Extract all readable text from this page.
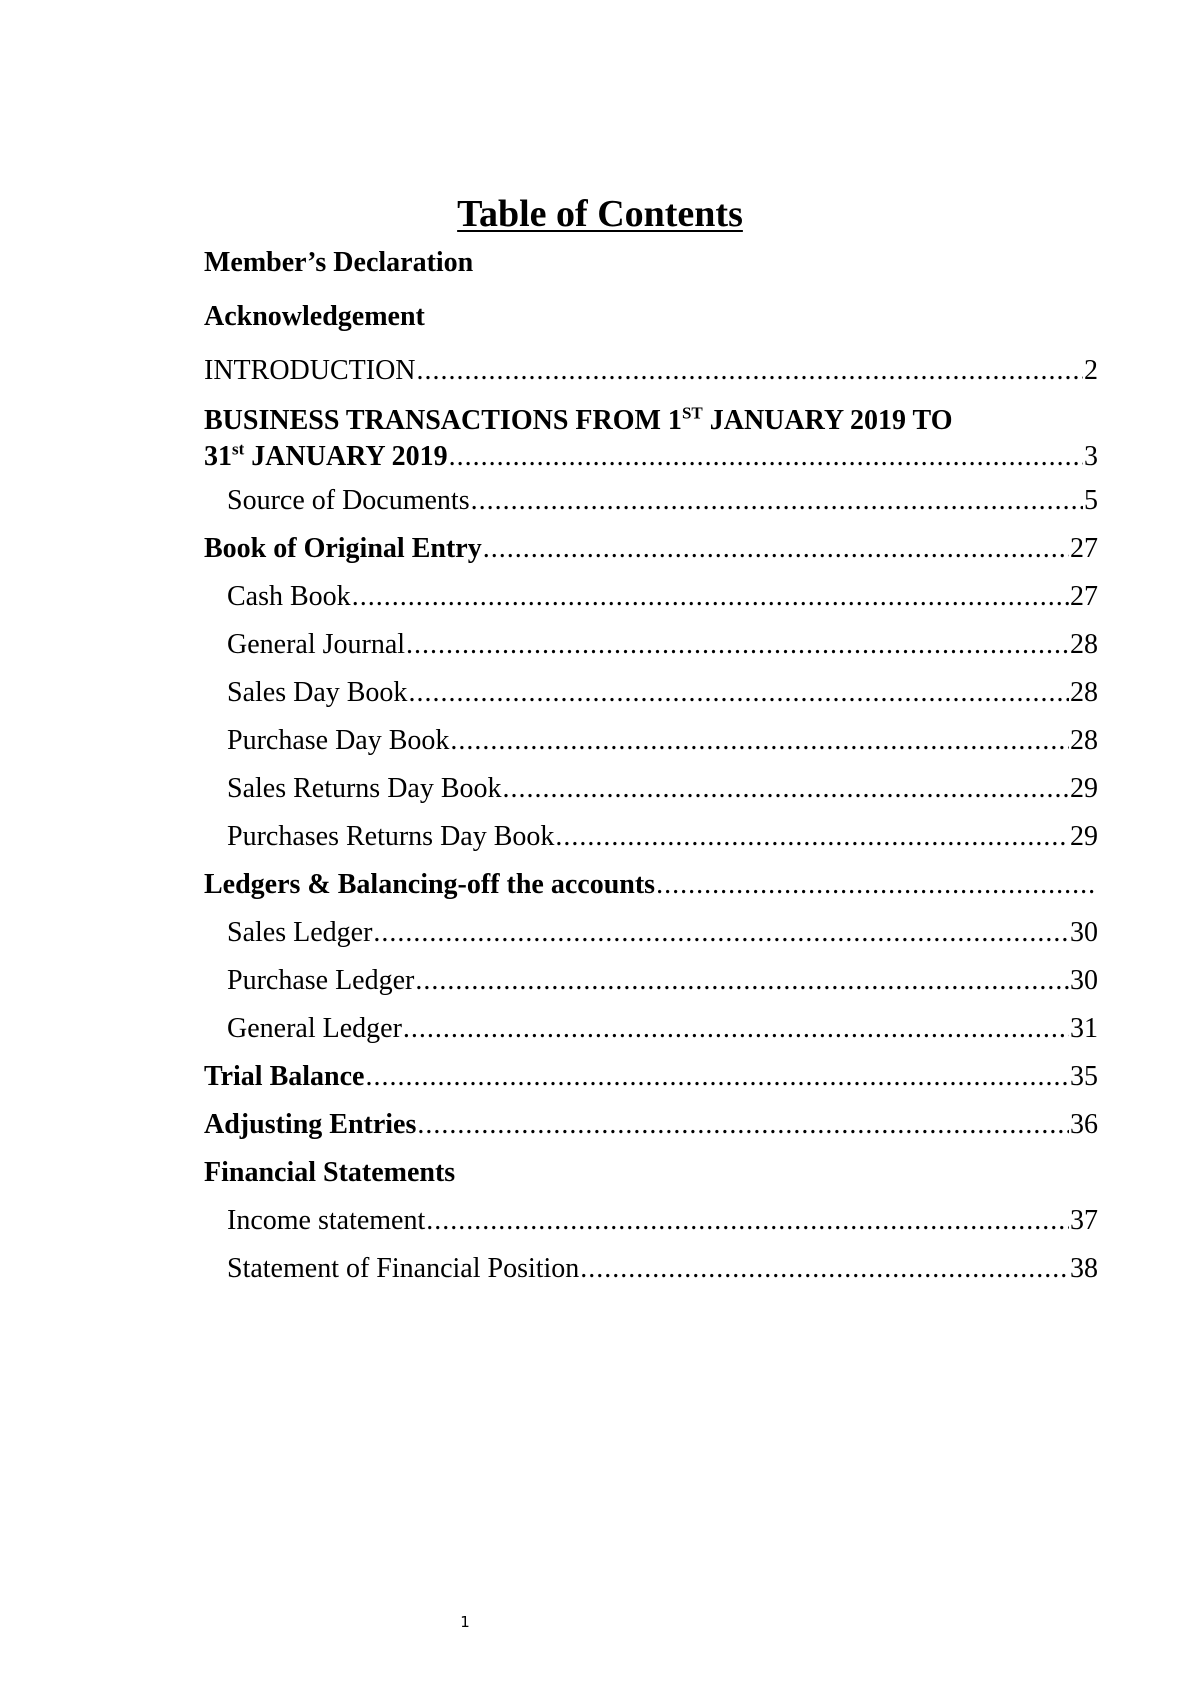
Table of Contents
Member’s Declaration
Acknowledgement
INTRODUCTION .....	2
BUSINESS TRANSACTIONS FROM 1ST JANUARY 2019 TO
31st JANUARY 2019 .....	3
Source of Documents .....	5
Book of Original Entry .....	27
Cash Book .....	27
General Journal .....	28
Sales Day Book .....	28
Purchase Day Book .....	28
Sales Returns Day Book .....	29
Purchases Returns Day Book .....	29
Ledgers & Balancing-off the accounts
.....
Sales Ledger .....	30
Purchase Ledger .....	30
General Ledger .....	31
Trial Balance .....	35
Adjusting Entries .....	36
Financial Statements
Income statement .....	37
Statement of Financial Position .....	38
1
